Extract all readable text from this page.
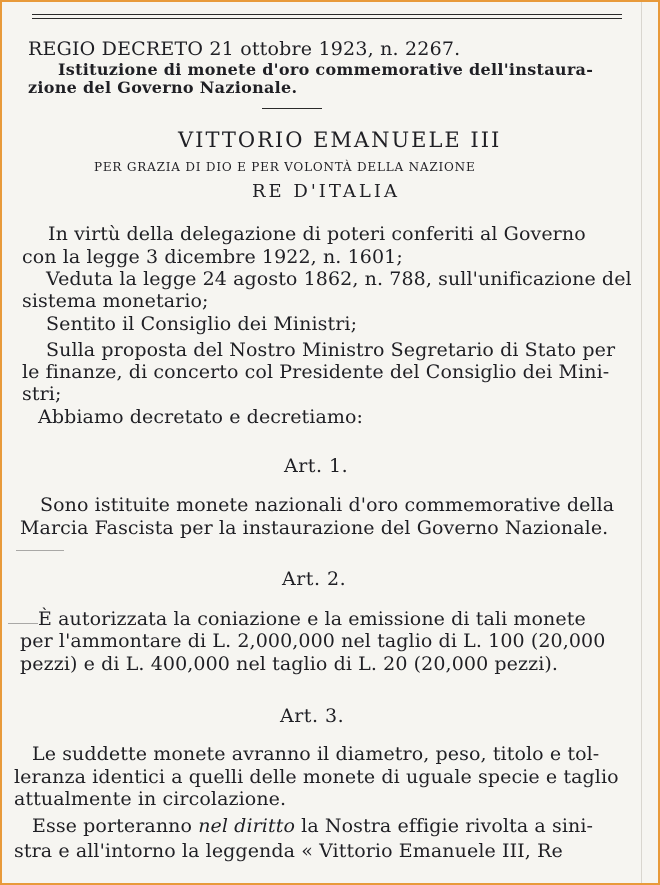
REGIO DECRETO 21 ottobre 1923, n. 2267.
Istituzione di monete d'oro commemorative dell'instaura-
zione del Governo Nazionale.
VITTORIO EMANUELE III
PER GRAZIA DI DIO E PER VOLONTÀ DELLA NAZIONE
RE D'ITALIA
In virtù della delegazione di poteri conferiti al Governo
con la legge 3 dicembre 1922, n. 1601;
Veduta la legge 24 agosto 1862, n. 788, sull'unificazione del
sistema monetario;
Sentito il Consiglio dei Ministri;
Sulla proposta del Nostro Ministro Segretario di Stato per
le finanze, di concerto col Presidente del Consiglio dei Mini-
stri;
Abbiamo decretato e decretiamo:
Art. 1.
Sono istituite monete nazionali d'oro commemorative della
Marcia Fascista per la instaurazione del Governo Nazionale.
Art. 2.
È autorizzata la coniazione e la emissione di tali monete
per l'ammontare di L. 2,000,000 nel taglio di L. 100 (20,000
pezzi) e di L. 400,000 nel taglio di L. 20 (20,000 pezzi).
Art. 3.
Le suddette monete avranno il diametro, peso, titolo e tol-
leranza identici a quelli delle monete di uguale specie e taglio
attualmente in circolazione.
Esse porteranno nel diritto la Nostra effigie rivolta a sini-
stra e all'intorno la leggenda « Vittorio Emanuele III, Re
